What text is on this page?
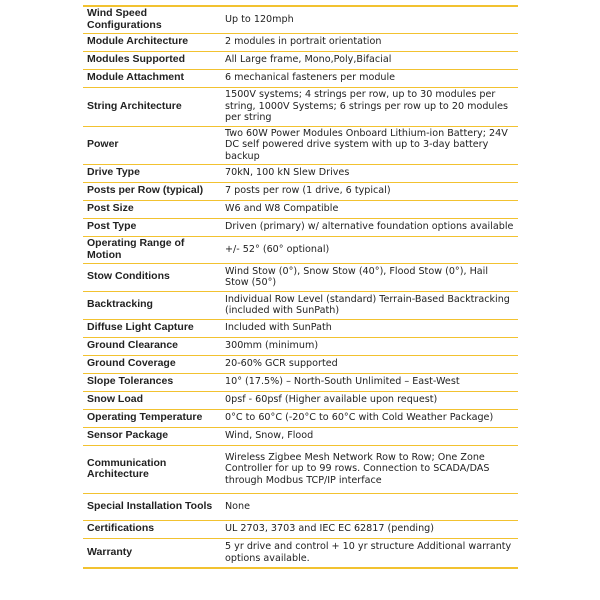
Wind Speed Configurations	Up to 120mph
Module Architecture	2 modules in portrait orientation
Modules Supported	All Large frame, Mono,Poly,Bifacial
Module Attachment	6 mechanical fasteners per module
String Architecture	1500V systems; 4 strings per row, up to 30 modules per string, 1000V Systems; 6 strings per row up to 20 modules per string
Power	Two 60W Power Modules Onboard Lithium-ion Battery; 24V DC self powered drive system with up to 3-day battery backup
Drive Type	70kN, 100 kN Slew Drives
Posts per Row (typical)	7 posts per row (1 drive, 6 typical)
Post Size	W6 and W8 Compatible
Post Type	Driven (primary) w/ alternative foundation options available
Operating Range of Motion	+/- 52° (60° optional)
Stow Conditions	Wind Stow (0°), Snow Stow (40°), Flood Stow (0°), Hail Stow (50°)
Backtracking	Individual Row Level (standard) Terrain-Based Backtracking (included with SunPath)
Diffuse Light Capture	Included with SunPath
Ground Clearance	300mm (minimum)
Ground Coverage	20-60% GCR supported
Slope Tolerances	10° (17.5%) – North-South Unlimited – East-West
Snow Load	0psf - 60psf (Higher available upon request)
Operating Temperature	0°C to 60°C (-20°C to 60°C with Cold Weather Package)
Sensor Package	Wind, Snow, Flood
Communication Architecture	Wireless Zigbee Mesh Network Row to Row; One Zone Controller for up to 99 rows. Connection to SCADA/DAS through Modbus TCP/IP interface
Special Installation Tools	None
Certifications	UL 2703, 3703 and IEC EC 62817 (pending)
Warranty	5 yr drive and control + 10 yr structure Additional warranty options available.
